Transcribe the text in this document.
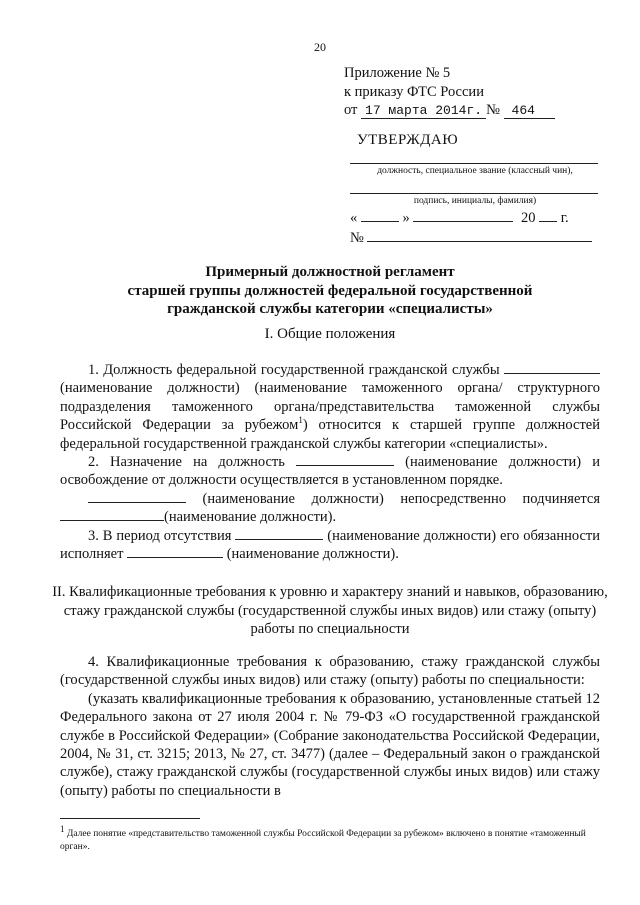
20
Приложение № 5
к приказу ФТС России
от 17 марта 2014г. № 464
УТВЕРЖДАЮ
должность, специальное звание (классный чин),
подпись, инициалы, фамилия)
«	»	20 г.
№
Примерный должностной регламент
старшей группы должностей федеральной государственной
гражданской службы категории «специалисты»
I. Общие положения

1. Должность федеральной государственной гражданской службы  (наименование должности) (наименование таможенного органа/ структурного подразделения таможенного органа/представительства таможенной службы Российской Федерации за рубежом$^1$) относится к старшей группе должностей федеральной государственной гражданской службы категории «специалисты».

2. Назначение на должность	(наименование должности) и освобождение от должности осуществляется в установленном порядке.

(наименование должности) непосредственно подчиняется (наименование должности).

3. В период отсутствия	(наименование должности) его обязанности исполняет	(наименование должности).

II. Квалификационные требования к уровню и характеру знаний и навыков, образованию, стажу гражданской службы (государственной службы иных видов) или стажу (опыту) работы по специальности

4. Квалификационные требования к образованию, стажу гражданской службы (государственной службы иных видов) или стажу (опыту) работы по специальности:

(указать квалификационные требования к образованию, установленные статьей 12 Федерального закона от 27 июля 2004 г. № 79-ФЗ «О государственной гражданской службе в Российской Федерации» (Собрание законодательства Российской Федерации, 2004, № 31, ст. 3215; 2013, № 27, ст. 3477) (далее – Федеральный закон о гражданской службе), стажу гражданской службы (государственной службы иных видов) или стажу (опыту) работы по специальности в

$^1$ Далее понятие «представительство таможенной службы Российской Федерации за рубежом» включено в понятие «таможенный орган».
